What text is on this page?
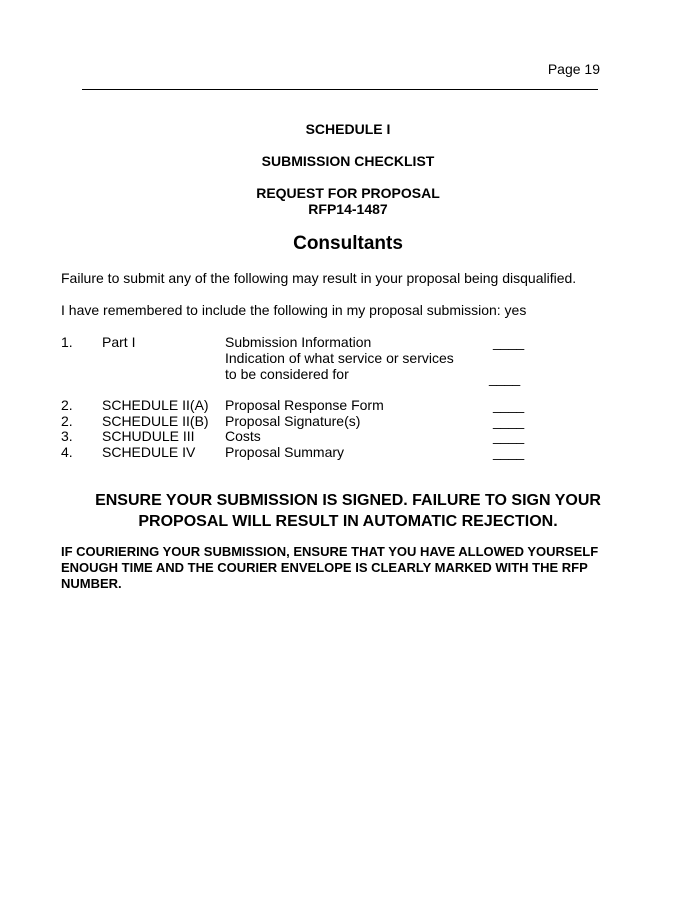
Page 19
SCHEDULE I
SUBMISSION CHECKLIST
REQUEST FOR PROPOSAL
RFP14-1487
Consultants
Failure to submit any of the following may result in your proposal being disqualified.
I have remembered to include the following in my proposal submission: yes
1. Part I	Submission Information	____
Indication of what service or services
to be considered for	____
2. SCHEDULE II(A) Proposal Response Form	____
2. SCHEDULE II(B) Proposal Signature(s)	____
3. SCHUDULE III Costs	____
4. SCHEDULE IV Proposal Summary	____
ENSURE YOUR SUBMISSION IS SIGNED. FAILURE TO SIGN YOUR
PROPOSAL WILL RESULT IN AUTOMATIC REJECTION.
IF COURIERING YOUR SUBMISSION, ENSURE THAT YOU HAVE ALLOWED YOURSELF
ENOUGH TIME AND THE COURIER ENVELOPE IS CLEARLY MARKED WITH THE RFP
NUMBER.
